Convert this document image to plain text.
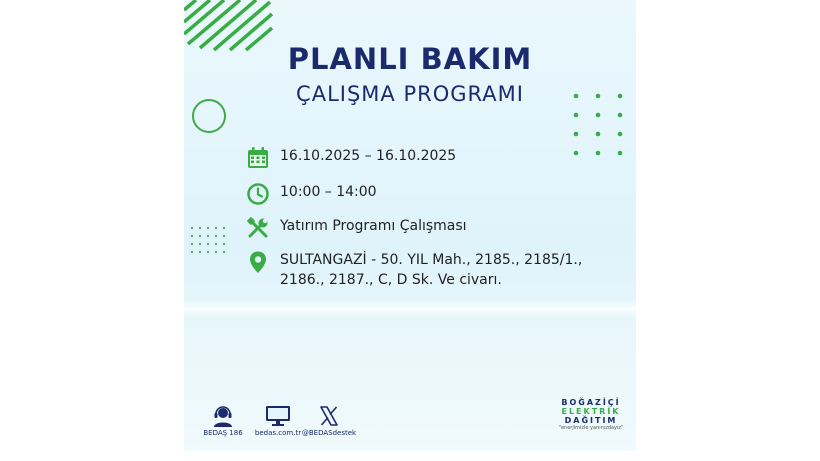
PLANLI BAKIM
ÇALIŞMA PROGRAMI
16.10.2025 – 16.10.2025
10:00 – 14:00
Yatırım Programı Çalışması
SULTANGAZİ - 50. YIL Mah., 2185., 2185/1.,
2186., 2187., C, D Sk. Ve civarı.
BEDAŞ 186	bedas.com.tr @BEDASdestek
BOĞAZİÇİ
ELEKTRİK
DAĞITIM
"enerjimizle yanınızdayız"
